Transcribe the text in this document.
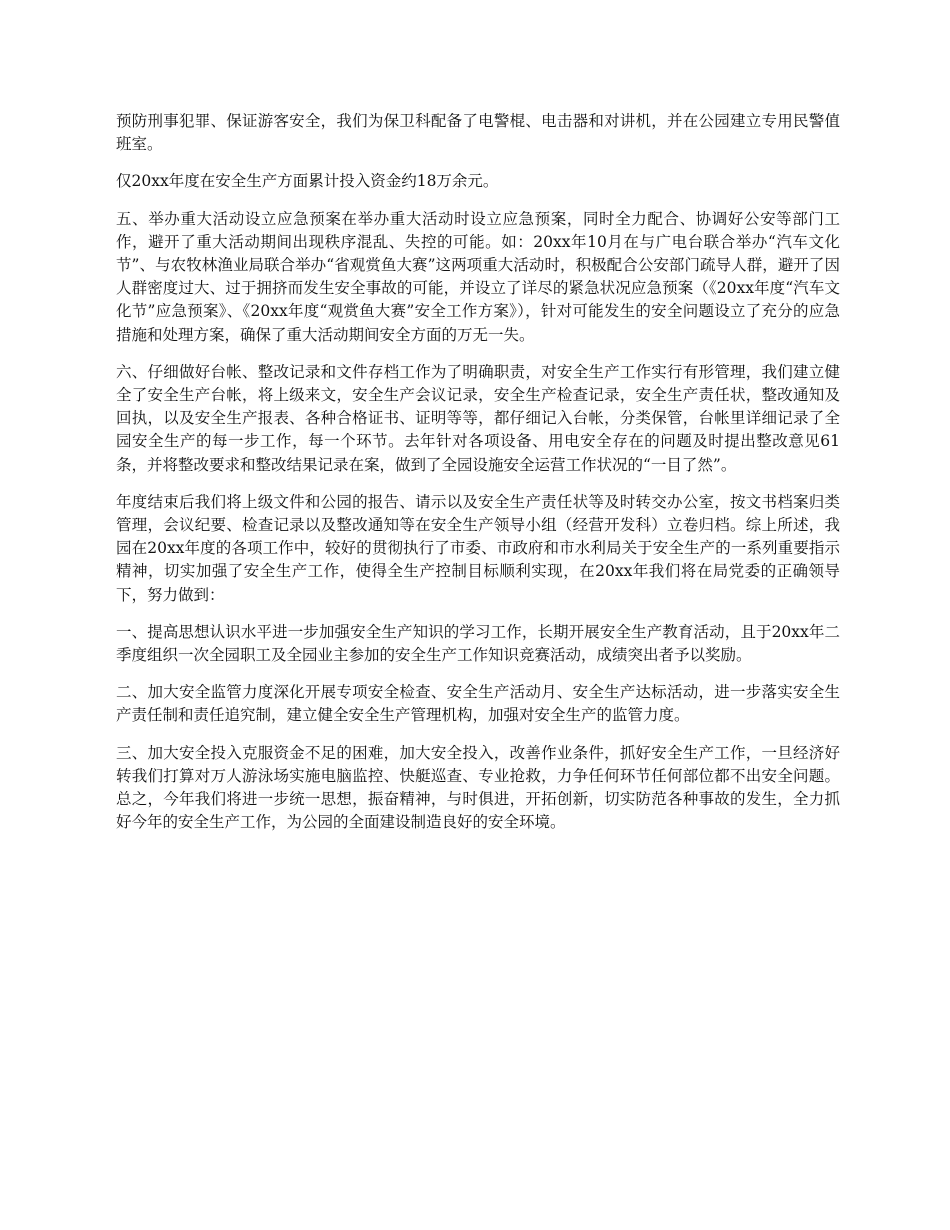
预防刑事犯罪、保证游客安全，我们为保卫科配备了电警棍、电击器和对讲机，并在公园建立专用民警值班室。

仅20xx年度在安全生产方面累计投入资金约18万余元。

五、举办重大活动设立应急预案在举办重大活动时设立应急预案，同时全力配合、协调好公安等部门工作，避开了重大活动期间出现秩序混乱、失控的可能。如：20xx年10月在与广电台联合举办“汽车文化节”、与农牧林渔业局联合举办“省观赏鱼大赛”这两项重大活动时，积极配合公安部门疏导人群，避开了因人群密度过大、过于拥挤而发生安全事故的可能，并设立了详尽的紧急状况应急预案（《20xx年度“汽车文化节”应急预案》、《20xx年度“观赏鱼大赛”安全工作方案》），针对可能发生的安全问题设立了充分的应急措施和处理方案，确保了重大活动期间安全方面的万无一失。

六、仔细做好台帐、整改记录和文件存档工作为了明确职责，对安全生产工作实行有形管理，我们建立健全了安全生产台帐，将上级来文，安全生产会议记录，安全生产检查记录，安全生产责任状，整改通知及回执，以及安全生产报表、各种合格证书、证明等等，都仔细记入台帐，分类保管，台帐里详细记录了全园安全生产的每一步工作，每一个环节。去年针对各项设备、用电安全存在的问题及时提出整改意见61条，并将整改要求和整改结果记录在案，做到了全园设施安全运营工作状况的“一目了然”。

年度结束后我们将上级文件和公园的报告、请示以及安全生产责任状等及时转交办公室，按文书档案归类管理，会议纪要、检查记录以及整改通知等在安全生产领导小组（经营开发科）立卷归档。综上所述，我园在20xx年度的各项工作中，较好的贯彻执行了市委、市政府和市水利局关于安全生产的一系列重要指示精神，切实加强了安全生产工作，使得全生产控制目标顺利实现，在20xx年我们将在局党委的正确领导下，努力做到：

一、提高思想认识水平进一步加强安全生产知识的学习工作，长期开展安全生产教育活动，且于20xx年二季度组织一次全园职工及全园业主参加的安全生产工作知识竞赛活动，成绩突出者予以奖励。

二、加大安全监管力度深化开展专项安全检查、安全生产活动月、安全生产达标活动，进一步落实安全生产责任制和责任追究制，建立健全安全生产管理机构，加强对安全生产的监管力度。

三、加大安全投入克服资金不足的困难，加大安全投入，改善作业条件，抓好安全生产工作，一旦经济好转我们打算对万人游泳场实施电脑监控、快艇巡查、专业抢救，力争任何环节任何部位都不出安全问题。总之，今年我们将进一步统一思想，振奋精神，与时俱进，开拓创新，切实防范各种事故的发生，全力抓好今年的安全生产工作，为公园的全面建设制造良好的安全环境。
